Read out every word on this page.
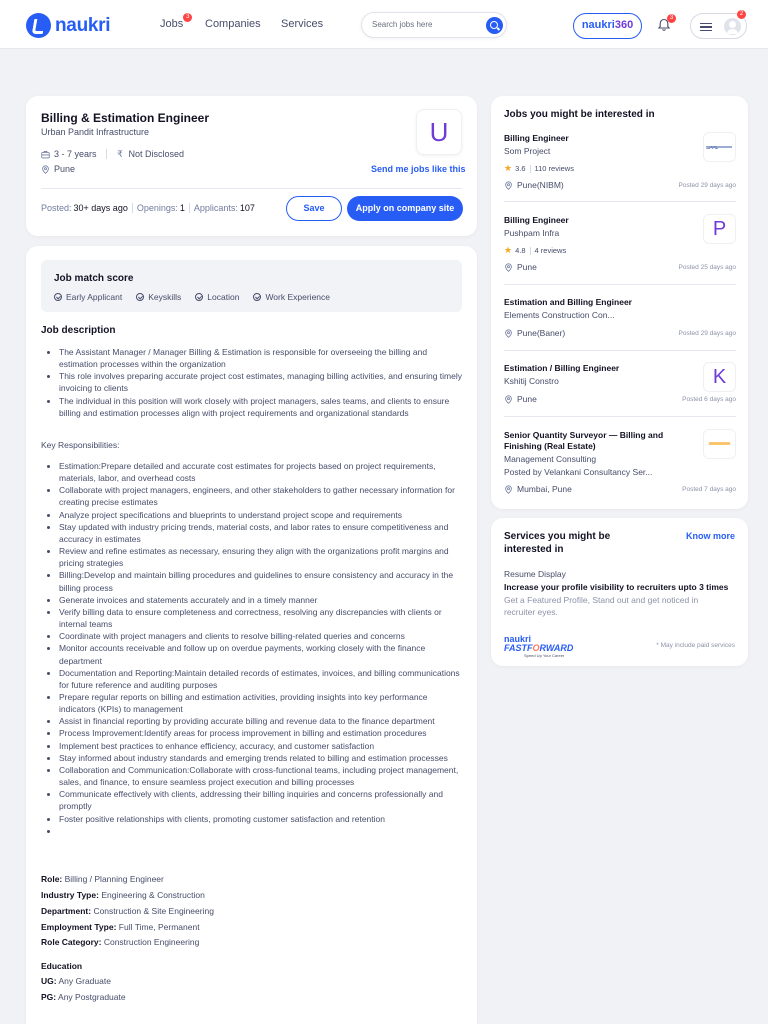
naukri	Jobs
3
Companies Services
Search jobs here	naukri360
3
2
Billing & Estimation Engineer
Urban Pandit Infrastructure
3 - 7 years ₹ Not Disclosed
Pune
U
Send me jobs like this
Posted: 30+ days ago Openings: 1 Applicants: 107	Save	Apply on company site
Job match score
Early Applicant	Keyskills	Location	Work Experience
Job description
• The Assistant Manager / Manager Billing & Estimation is responsible for overseeing the billing and estimation processes within the organization
• This role involves preparing accurate project cost estimates, managing billing activities, and ensuring timely invoicing to clients
• The individual in this position will work closely with project managers, sales teams, and clients to ensure billing and estimation processes align with project requirements and organizational standards
Key Responsibilities:
• Estimation:Prepare detailed and accurate cost estimates for projects based on project requirements, materials, labor, and overhead costs
• Collaborate with project managers, engineers, and other stakeholders to gather necessary information for creating precise estimates
• Analyze project specifications and blueprints to understand project scope and requirements
• Stay updated with industry pricing trends, material costs, and labor rates to ensure competitiveness and accuracy in estimates
• Review and refine estimates as necessary, ensuring they align with the organizations profit margins and pricing strategies
• Billing:Develop and maintain billing procedures and guidelines to ensure consistency and accuracy in the billing process
• Generate invoices and statements accurately and in a timely manner
• Verify billing data to ensure completeness and correctness, resolving any discrepancies with clients or internal teams
• Coordinate with project managers and clients to resolve billing-related queries and concerns
• Monitor accounts receivable and follow up on overdue payments, working closely with the finance department
• Documentation and Reporting:Maintain detailed records of estimates, invoices, and billing communications for future reference and auditing purposes
• Prepare regular reports on billing and estimation activities, providing insights into key performance indicators (KPIs) to management
• Assist in financial reporting by providing accurate billing and revenue data to the finance department
• Process Improvement:Identify areas for process improvement in billing and estimation procedures
• Implement best practices to enhance efficiency, accuracy, and customer satisfaction
• Stay informed about industry standards and emerging trends related to billing and estimation processes
• Collaboration and Communication:Collaborate with cross-functional teams, including project management, sales, and finance, to ensure seamless project execution and billing processes
• Communicate effectively with clients, addressing their billing inquiries and concerns professionally and promptly
• Foster positive relationships with clients, promoting customer satisfaction and retention
•
Role: Billing / Planning Engineer
Industry Type: Engineering & Construction
Department: Construction & Site Engineering
Employment Type: Full Time, Permanent
Role Category: Construction Engineering
Education
UG: Any Graduate
PG: Any Postgraduate
Jobs you might be interested in
Billing Engineer
Som Project
★ 3.6 110 reviews
SPPL
Pune(NIBM)	Posted 29 days ago
Billing Engineer
Pushpam Infra
★ 4.8 4 reviews
P
Pune	Posted 25 days ago
Estimation and Billing Engineer
Elements Construction Con...
Pune(Baner)	Posted 29 days ago
Estimation / Billing Engineer
Kshitij Constro	K
Pune	Posted 6 days ago
Senior Quantity Surveyor — Billing and Finishing (Real Estate)
Management Consulting
Posted by Velankani Consultancy Ser...
Mumbai, Pune	Posted 7 days ago
Services you might be interested in
Know more
Resume Display
Increase your profile visibility to recruiters upto 3 times
Get a Featured Profile, Stand out and get noticed in recruiter eyes.
naukri
FASTFORWARD
Speed Up Your Career
* May include paid services
